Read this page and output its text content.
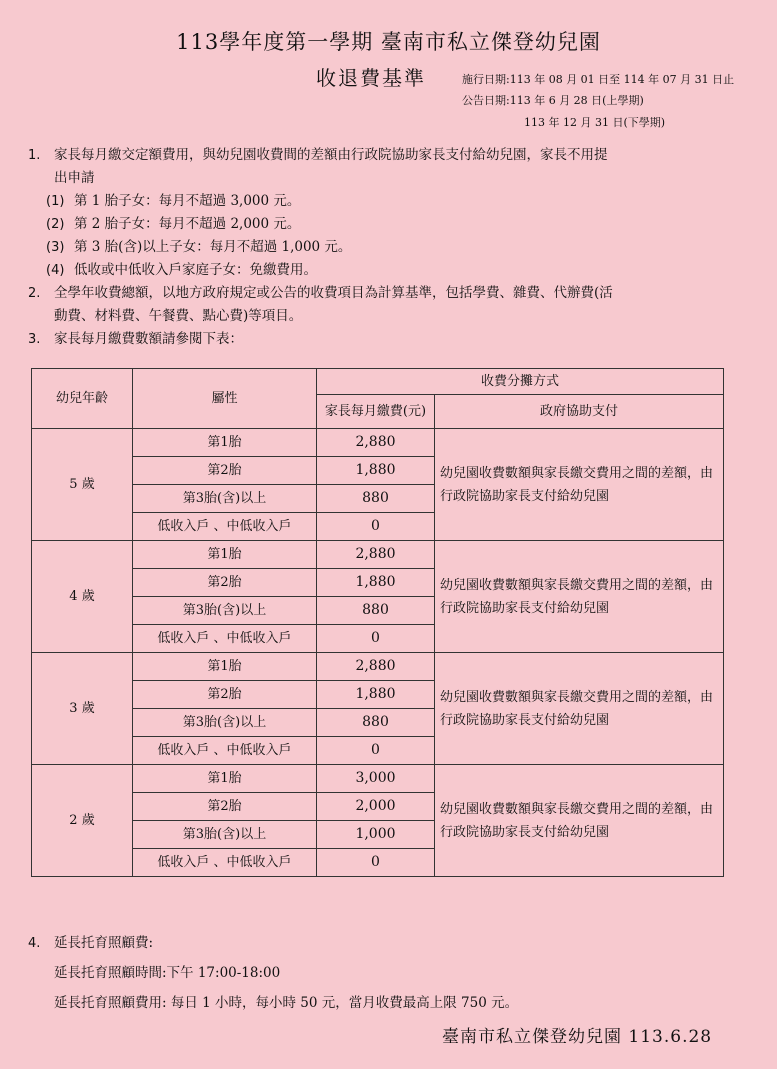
113學年度第一學期 臺南市私立傑登幼兒園
收退費基準	施行日期:113 年 08 月 01 日至 114 年 07 月 31 日止
公告日期:113 年 6 月 28 日(上學期)
113 年 12 月 31 日(下學期)
1. 家長每月繳交定額費用，與幼兒園收費間的差額由行政院協助家長支付給幼兒園，家長不用提
出申請
(1) 第 1 胎子女：每月不超過 3,000 元。
(2) 第 2 胎子女：每月不超過 2,000 元。
(3) 第 3 胎(含)以上子女：每月不超過 1,000 元。
(4) 低收或中低收入戶家庭子女：免繳費用。
2. 全學年收費總額，以地方政府規定或公告的收費項目為計算基準，包括學費、雜費、代辦費(活
動費、材料費、午餐費、點心費)等項目。
3. 家長每月繳費數額請參閱下表：
幼兒年齡	屬性	收費分攤方式	
		家長每月繳費(元)	政府協助支付
5 歲	第1胎	2,880	幼兒園收費數額與家長繳交費用之間的差額，由行政院協助家長支付給幼兒園
	第2胎	1,880	
	第3胎(含)以上	880	
	低收入戶 、中低收入戶	0	
4 歲	第1胎	2,880	幼兒園收費數額與家長繳交費用之間的差額，由行政院協助家長支付給幼兒園
	第2胎	1,880	
	第3胎(含)以上	880	
	低收入戶 、中低收入戶	0	
3 歲	第1胎	2,880	幼兒園收費數額與家長繳交費用之間的差額，由行政院協助家長支付給幼兒園
	第2胎	1,880	
	第3胎(含)以上	880	
	低收入戶 、中低收入戶	0	
2 歲	第1胎	3,000	幼兒園收費數額與家長繳交費用之間的差額，由行政院協助家長支付給幼兒園
	第2胎	2,000	
	第3胎(含)以上	1,000	
	低收入戶 、中低收入戶	0	
4. 延長托育照顧費:
延長托育照顧時間:下午 17:00-18:00
延長托育照顧費用: 每日 1 小時，每小時 50 元，當月收費最高上限 750 元。
臺南市私立傑登幼兒園 113.6.28
